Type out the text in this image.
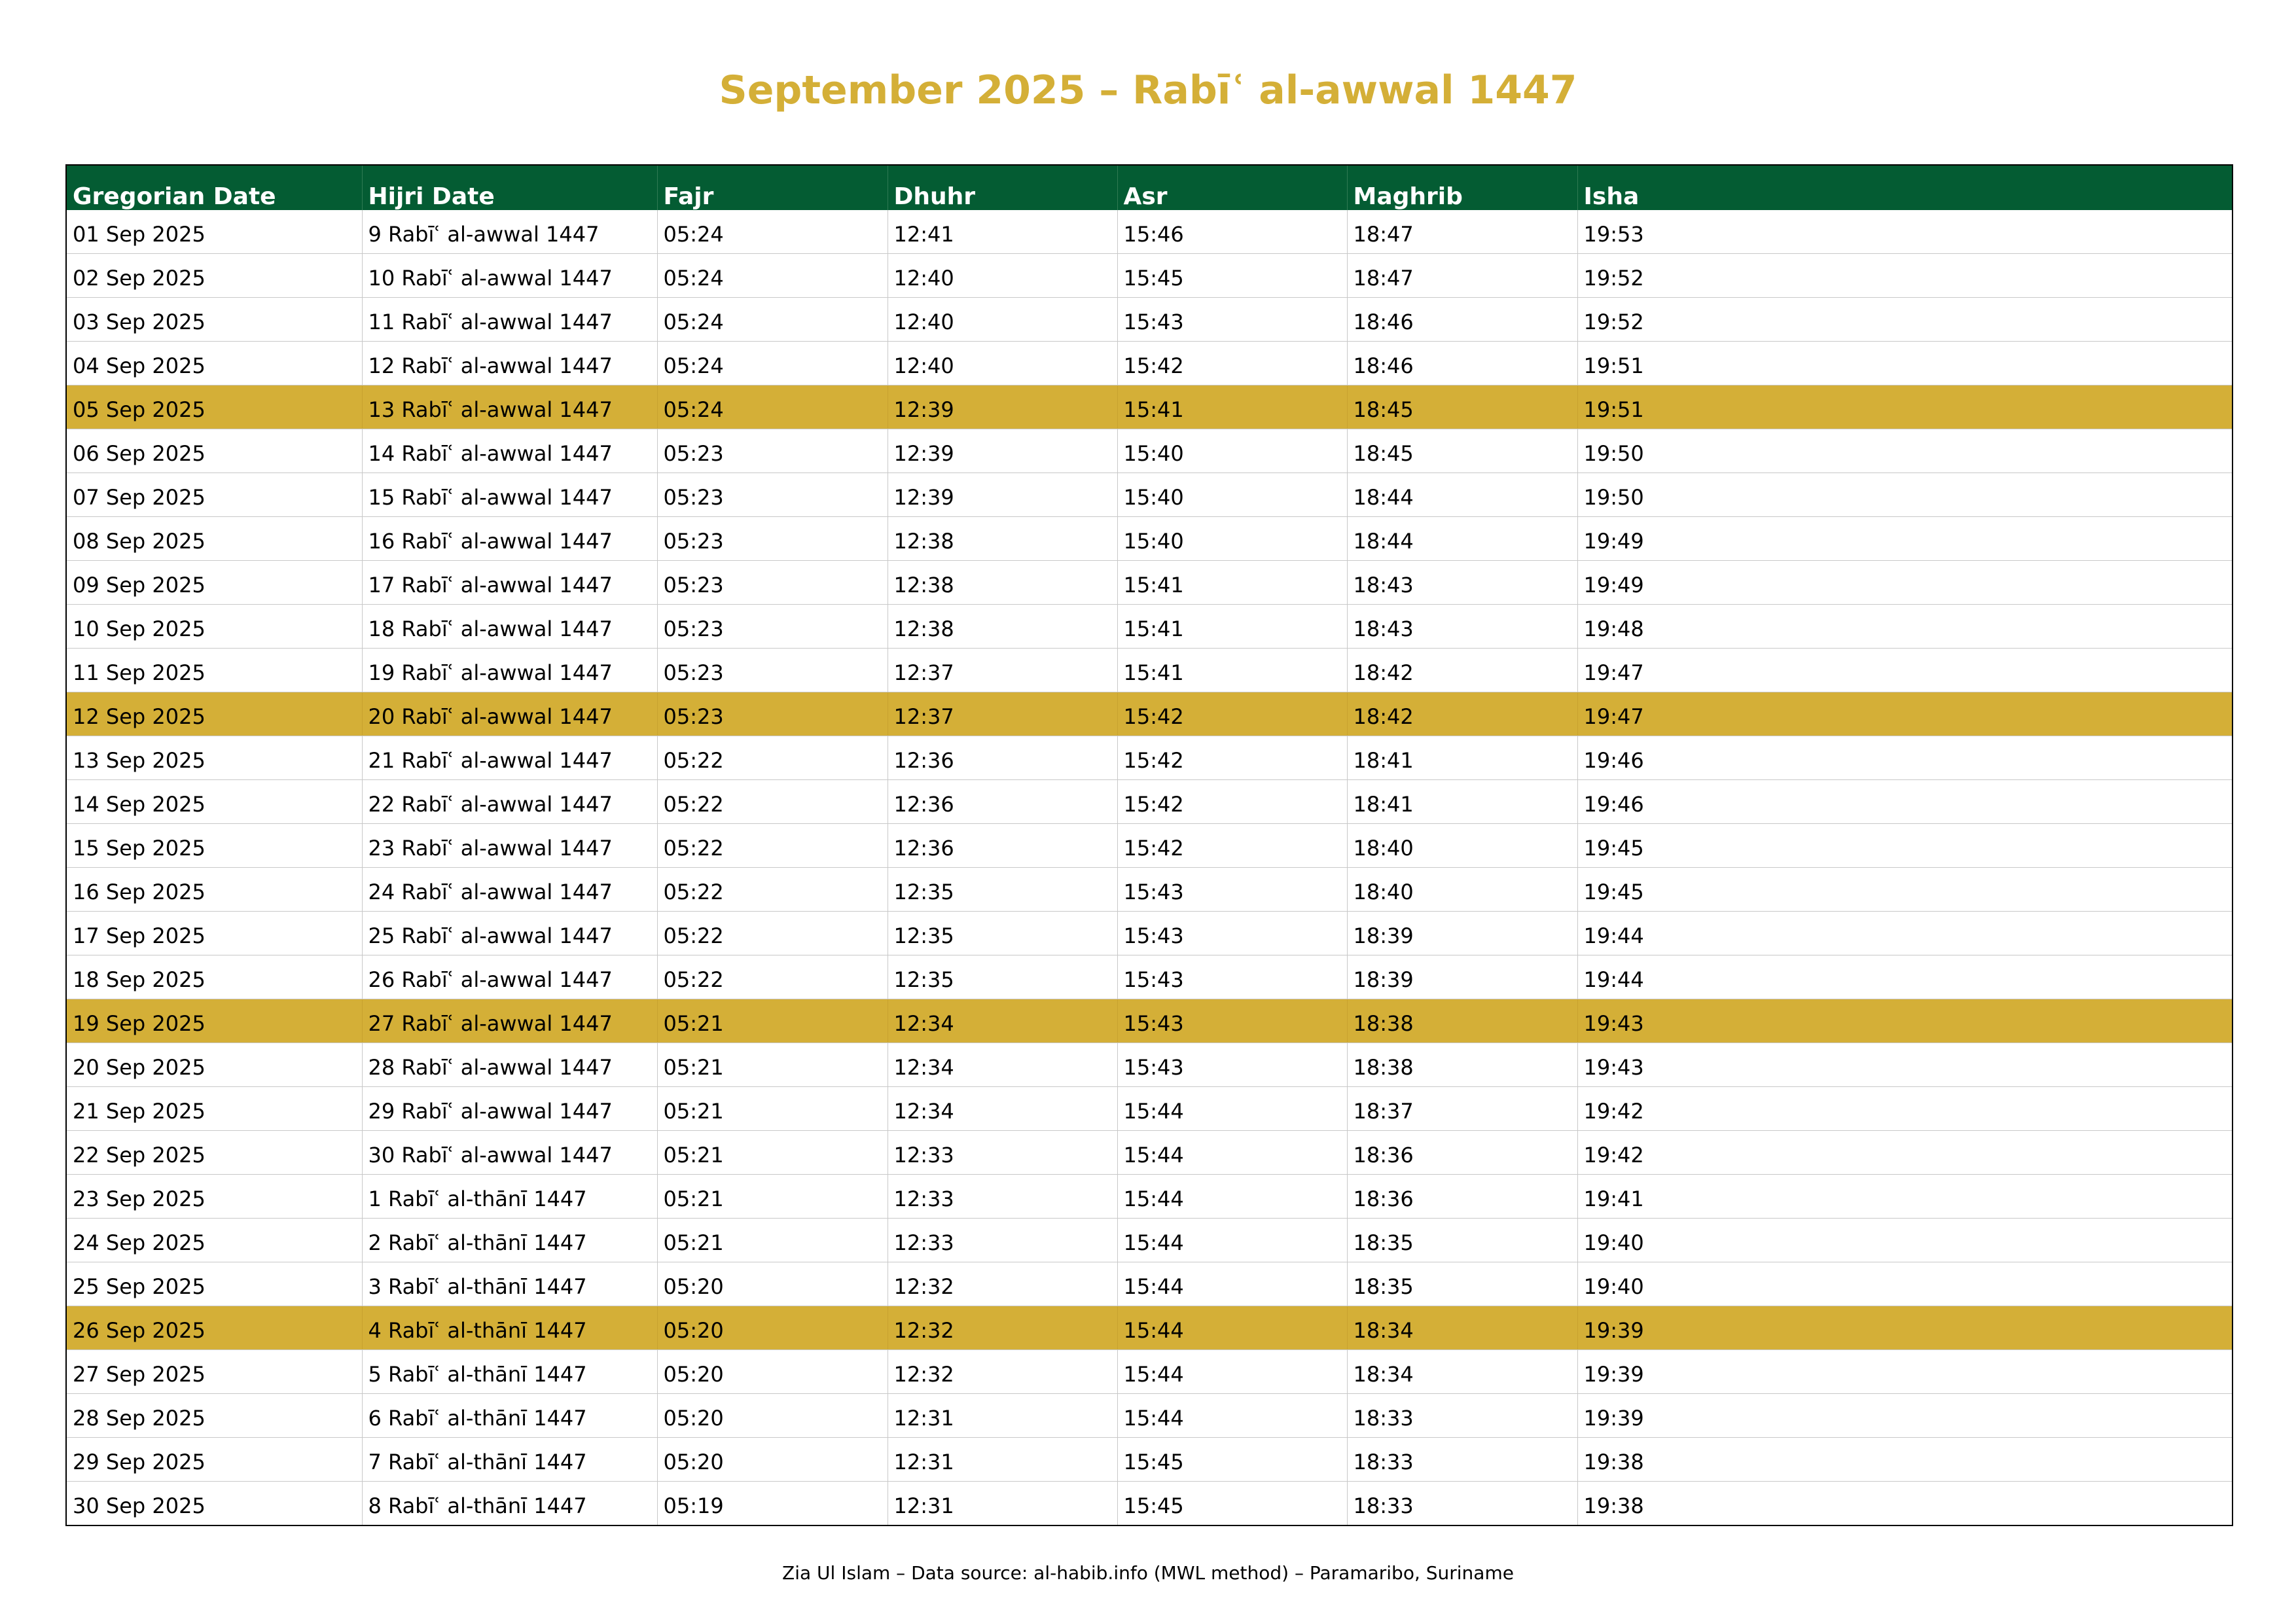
September 2025 – Rabīʿ al-awwal 1447
Gregorian Date	Hijri Date	Fajr	Dhuhr	Asr	Maghrib	Isha
01 Sep 2025	9 Rabīʿ al-awwal 1447	05:24	12:41	15:46	18:47	19:53
02 Sep 2025	10 Rabīʿ al-awwal 1447	05:24	12:40	15:45	18:47	19:52
03 Sep 2025	11 Rabīʿ al-awwal 1447	05:24	12:40	15:43	18:46	19:52
04 Sep 2025	12 Rabīʿ al-awwal 1447	05:24	12:40	15:42	18:46	19:51
05 Sep 2025	13 Rabīʿ al-awwal 1447	05:24	12:39	15:41	18:45	19:51
06 Sep 2025	14 Rabīʿ al-awwal 1447	05:23	12:39	15:40	18:45	19:50
07 Sep 2025	15 Rabīʿ al-awwal 1447	05:23	12:39	15:40	18:44	19:50
08 Sep 2025	16 Rabīʿ al-awwal 1447	05:23	12:38	15:40	18:44	19:49
09 Sep 2025	17 Rabīʿ al-awwal 1447	05:23	12:38	15:41	18:43	19:49
10 Sep 2025	18 Rabīʿ al-awwal 1447	05:23	12:38	15:41	18:43	19:48
11 Sep 2025	19 Rabīʿ al-awwal 1447	05:23	12:37	15:41	18:42	19:47
12 Sep 2025	20 Rabīʿ al-awwal 1447	05:23	12:37	15:42	18:42	19:47
13 Sep 2025	21 Rabīʿ al-awwal 1447	05:22	12:36	15:42	18:41	19:46
14 Sep 2025	22 Rabīʿ al-awwal 1447	05:22	12:36	15:42	18:41	19:46
15 Sep 2025	23 Rabīʿ al-awwal 1447	05:22	12:36	15:42	18:40	19:45
16 Sep 2025	24 Rabīʿ al-awwal 1447	05:22	12:35	15:43	18:40	19:45
17 Sep 2025	25 Rabīʿ al-awwal 1447	05:22	12:35	15:43	18:39	19:44
18 Sep 2025	26 Rabīʿ al-awwal 1447	05:22	12:35	15:43	18:39	19:44
19 Sep 2025	27 Rabīʿ al-awwal 1447	05:21	12:34	15:43	18:38	19:43
20 Sep 2025	28 Rabīʿ al-awwal 1447	05:21	12:34	15:43	18:38	19:43
21 Sep 2025	29 Rabīʿ al-awwal 1447	05:21	12:34	15:44	18:37	19:42
22 Sep 2025	30 Rabīʿ al-awwal 1447	05:21	12:33	15:44	18:36	19:42
23 Sep 2025	1 Rabīʿ al-thānī 1447	05:21	12:33	15:44	18:36	19:41
24 Sep 2025	2 Rabīʿ al-thānī 1447	05:21	12:33	15:44	18:35	19:40
25 Sep 2025	3 Rabīʿ al-thānī 1447	05:20	12:32	15:44	18:35	19:40
26 Sep 2025	4 Rabīʿ al-thānī 1447	05:20	12:32	15:44	18:34	19:39
27 Sep 2025	5 Rabīʿ al-thānī 1447	05:20	12:32	15:44	18:34	19:39
28 Sep 2025	6 Rabīʿ al-thānī 1447	05:20	12:31	15:44	18:33	19:39
29 Sep 2025	7 Rabīʿ al-thānī 1447	05:20	12:31	15:45	18:33	19:38
30 Sep 2025	8 Rabīʿ al-thānī 1447	05:19	12:31	15:45	18:33	19:38
Zia Ul Islam – Data source: al-habib.info (MWL method) – Paramaribo, Suriname
